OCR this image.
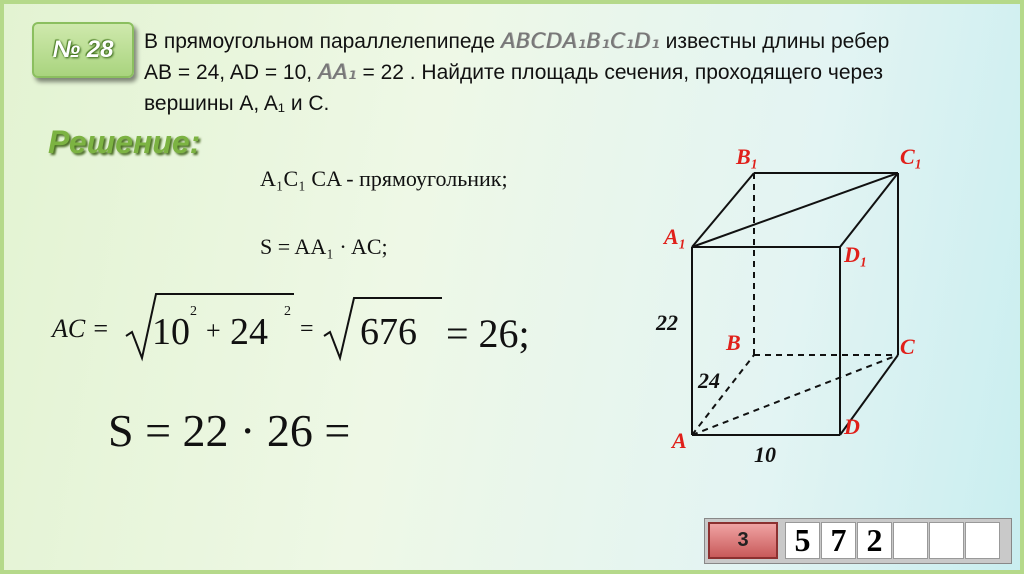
№ 28 В прямоугольном параллелепипеде ABCDA₁B₁C₁D₁ известны длины ребер
AB = 24, AD = 10, AA₁ = 22 . Найдите площадь сечения, проходящего через
вершины A, A₁ и C.
Решение:
A₁C₁ CA - прямоугольник;
S = AA₁ · AC;
AC = 10 2
+ 24 2
= 676 = 26;
S = 22 · 26 =
B₁	C₁
A₁
D₁
B	C
A
D
22
24
10
3	5 7 2
